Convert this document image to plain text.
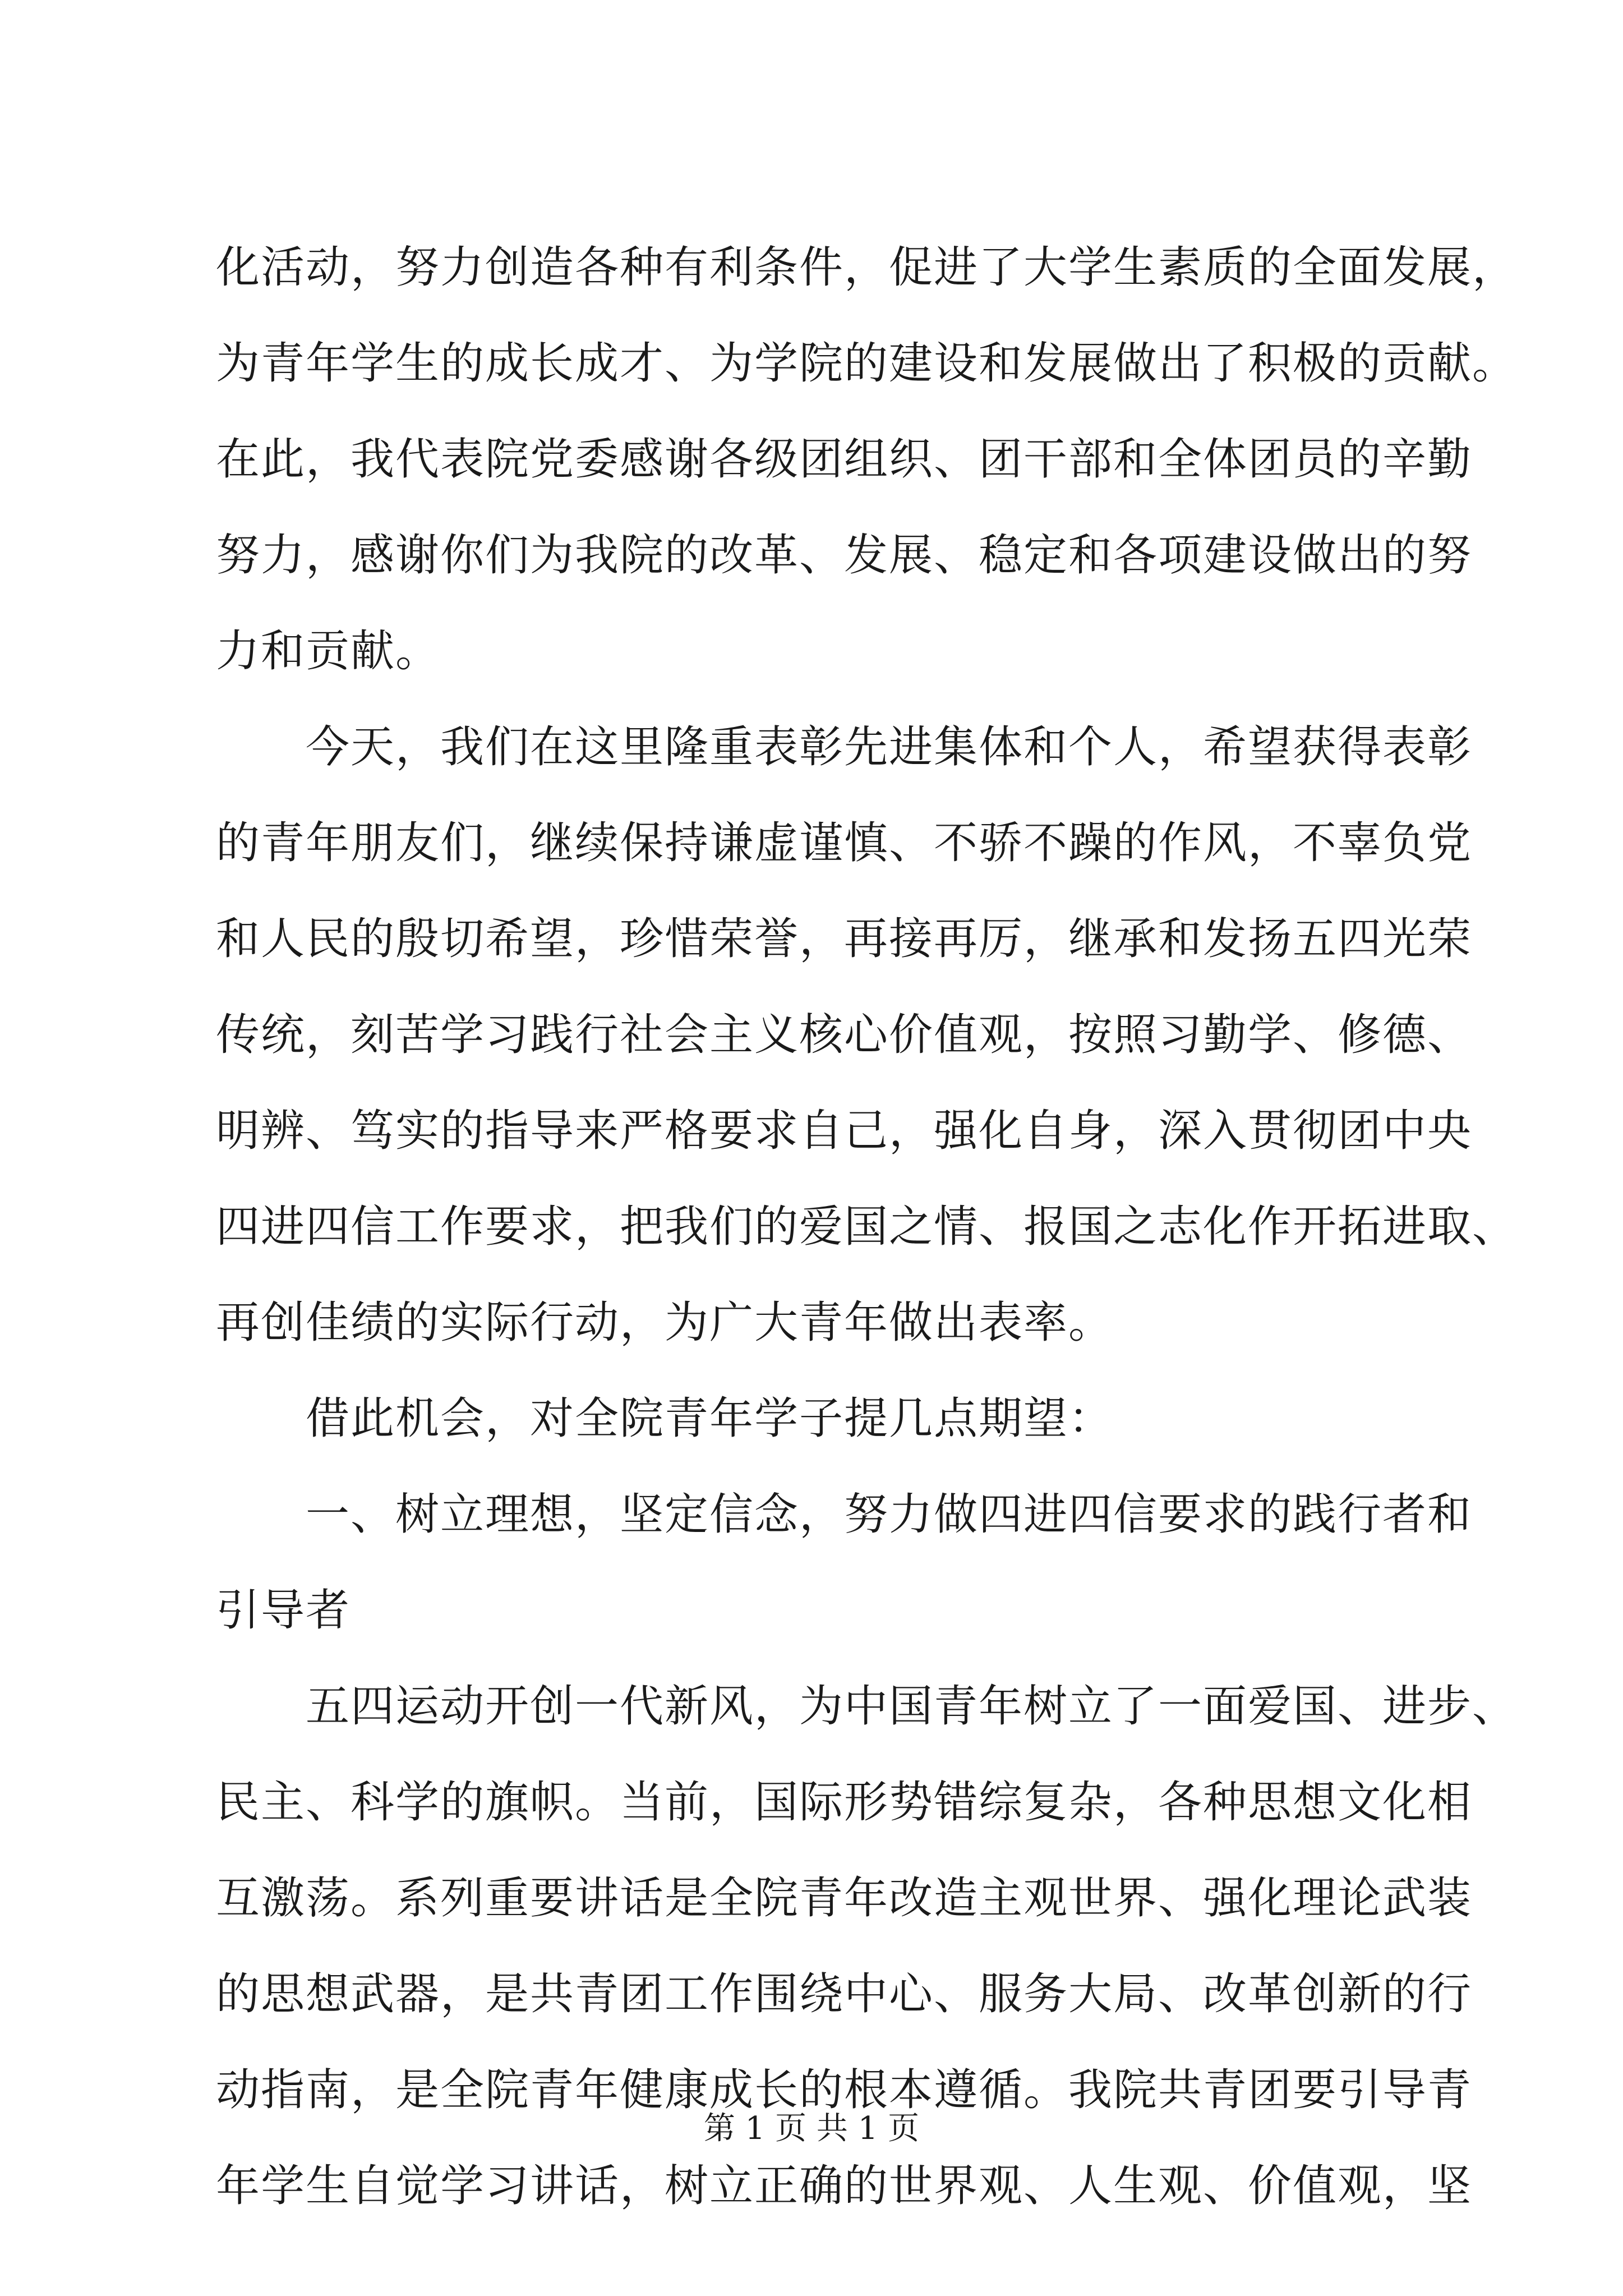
化活动，努力创造各种有利条件，促进了大学生素质的全面发展，
为青年学生的成长成才、为学院的建设和发展做出了积极的贡献。
在此，我代表院党委感谢各级团组织、团干部和全体团员的辛勤
努力，感谢你们为我院的改革、发展、稳定和各项建设做出的努
力和贡献。
今天，我们在这里隆重表彰先进集体和个人，希望获得表彰
的青年朋友们，继续保持谦虚谨慎、不骄不躁的作风，不辜负党
和人民的殷切希望，珍惜荣誉，再接再厉，继承和发扬五四光荣
传统，刻苦学习践行社会主义核心价值观，按照习勤学、修德、
明辨、笃实的指导来严格要求自己，强化自身，深入贯彻团中央
四进四信工作要求，把我们的爱国之情、报国之志化作开拓进取、
再创佳绩的实际行动，为广大青年做出表率。
借此机会，对全院青年学子提几点期望：
一、树立理想，坚定信念，努力做四进四信要求的践行者和
引导者
五四运动开创一代新风，为中国青年树立了一面爱国、进步、
民主、科学的旗帜。当前，国际形势错综复杂，各种思想文化相
互激荡。系列重要讲话是全院青年改造主观世界、强化理论武装
的思想武器，是共青团工作围绕中心、服务大局、改革创新的行
动指南，是全院青年健康成长的根本遵循。我院共青团要引导青
年学生自觉学习讲话，树立正确的世界观、人生观、价值观，坚
第 1 页 共 1 页
